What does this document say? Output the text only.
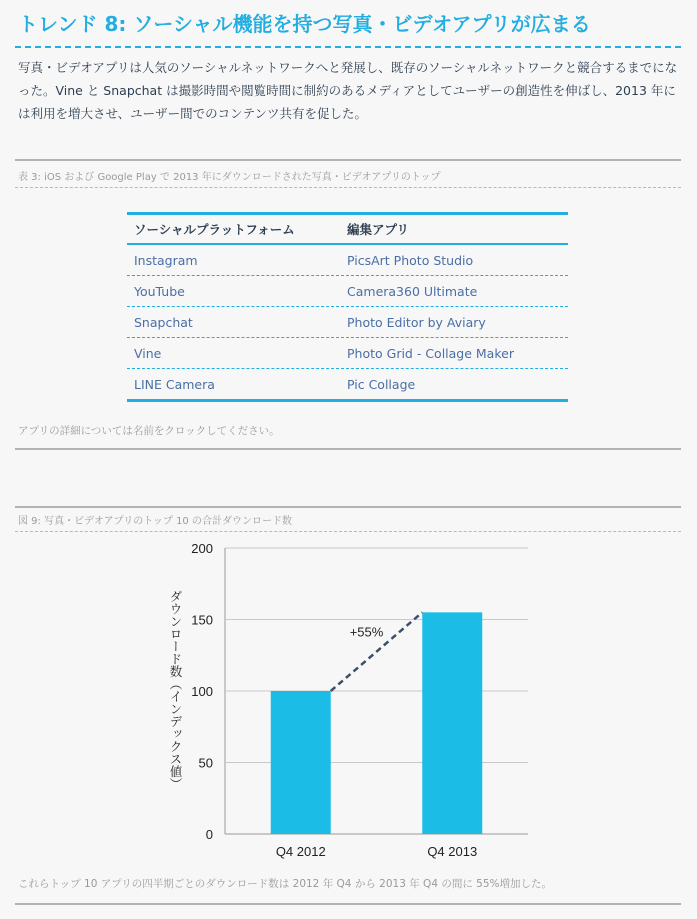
トレンド 8: ソーシャル機能を持つ写真・ビデオアプリが広まる
写真・ビデオアプリは人気のソーシャルネットワークへと発展し、既存のソーシャルネットワークと競合するまでになった。Vine と Snapchat は撮影時間や閲覧時間に制約のあるメディアとしてユーザーの創造性を伸ばし、2013 年には利用を増大させ、ユーザー間でのコンテンツ共有を促した。
表 3: iOS および Google Play で 2013 年にダウンロードされた写真・ビデオアプリのトップ
ソーシャルプラットフォーム	編集アプリ
Instagram	PicsArt Photo Studio
YouTube	Camera360 Ultimate
Snapchat	Photo Editor by Aviary
Vine	Photo Grid - Collage Maker
LINE Camera	Pic Collage
アプリの詳細については名前をクロックしてください。
図 9: 写真・ビデオアプリのトップ 10 の合計ダウンロード数
+55%
0
50
100
150
200
Q4 2012	Q4 2013
ダウンロード数（インデックス値）
これらトップ 10 アプリの四半期ごとのダウンロード数は 2012 年 Q4 から 2013 年 Q4 の間に 55%増加した。
